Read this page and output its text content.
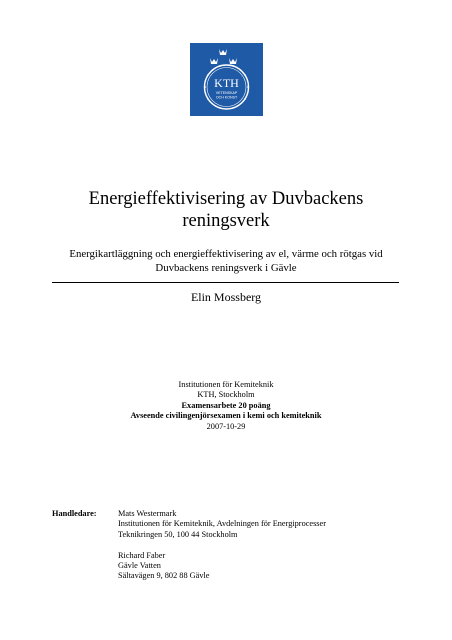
KTH
VETENSKAP
OCH KONST
Energieffektivisering av Duvbackens
reningsverk
Energikartläggning och energieffektivisering av el, värme och rötgas vid
Duvbackens reningsverk i Gävle
Elin Mossberg
Institutionen för Kemiteknik
KTH, Stockholm
Examensarbete 20 poäng
Avseende civilingenjörsexamen i kemi och kemiteknik
2007-10-29
Handledare:	Mats Westermark
Institutionen för Kemiteknik, Avdelningen för Energiprocesser
Teknikringen 50, 100 44 Stockholm
Richard Faber
Gävle Vatten
Sältavägen 9, 802 88 Gävle
